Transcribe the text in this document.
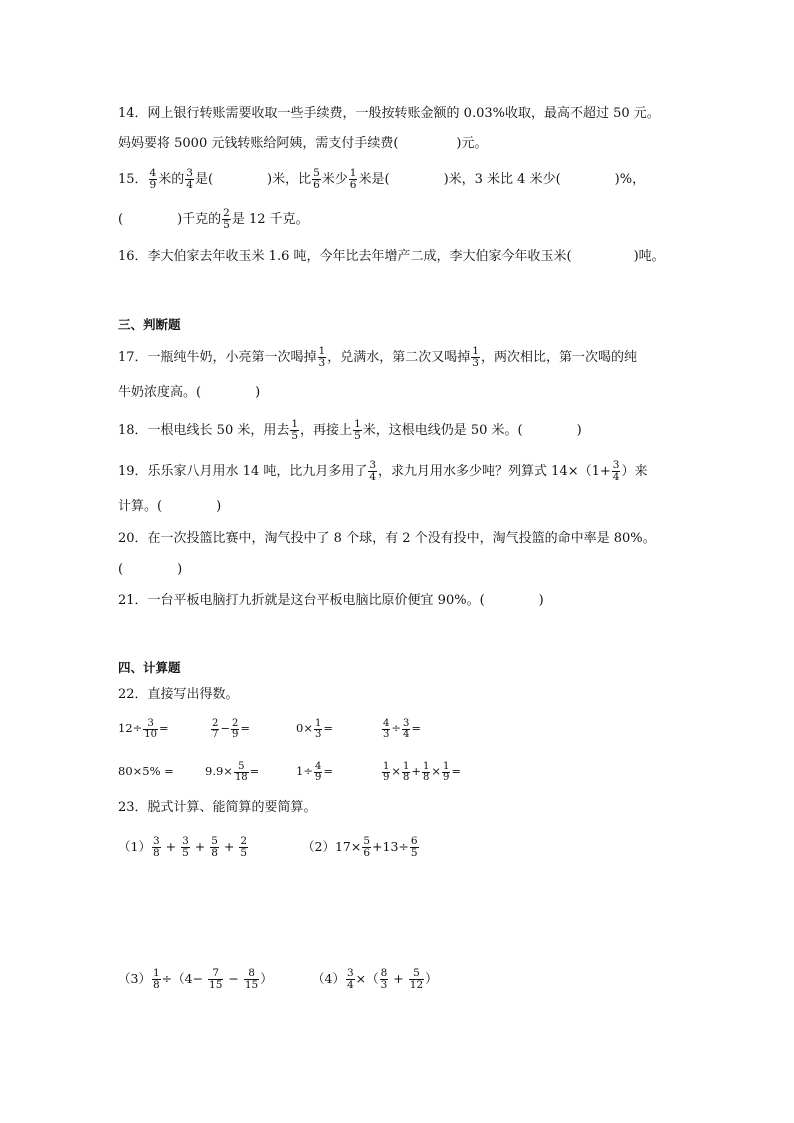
14．网上银行转账需要收取一些手续费，一般按转账金额的 0.03%收取，最高不超过 50 元。
妈妈要将 5000 元钱转账给阿姨，需支付手续费(	)元。
15． $\frac{4}{9}$ 米的 $\frac{3}{4}$ 是(	)米，比 $\frac{5}{6}$ 米少 $\frac{1}{6}$ 米是(	)米，3 米比 4 米少(	)%，
(	)千克的 $\frac{2}{5}$ 是 12 千克。
16．李大伯家去年收玉米 1.6 吨，今年比去年增产二成，李大伯家今年收玉米(	)吨。
三、判断题
17．一瓶纯牛奶，小亮第一次喝掉 $\frac{1}{3}$ ，兑满水，第二次又喝掉 $\frac{1}{3}$ ，两次相比，第一次喝的纯
牛奶浓度高。(	)
18．一根电线长 50 米，用去 $\frac{1}{5}$ ，再接上 $\frac{1}{5}$ 米，这根电线仍是 50 米。(	)
19．乐乐家八月用水 14 吨，比九月多用了 $\frac{3}{4}$ ，求九月用水多少吨？列算式 $14\times(1+ \frac{3}{4}$ ）来
计算。(	)
20．在一次投篮比赛中，淘气投中了 8 个球，有 2 个没有投中，淘气投篮的命中率是 80%。
(	)
21．一台平板电脑打九折就是这台平板电脑比原价便宜 90%。(	)
四、计算题
22．直接写出得数。
$12\div \frac{3}{10}$ =	$\frac{2}{7} - \frac{2}{9}$ =	$0\times \frac{1}{3}$ =	$\frac{4}{3} \div \frac{3}{4}$ =
80×5% =	$9.9\times \frac{5}{18}$ =	$1\div \frac{4}{9}$ =	$\frac{1}{9} \times \frac{1}{8} + \frac{1}{8} \times \frac{1}{9}$ =
23．脱式计算、能简算的要简算。
$(1) \frac{3}{8} + \frac{3}{5} + \frac{5}{8} + \frac{2}{5}$	$(2)17\times \frac{5}{6} +13\div \frac{6}{5}$
$(3) \frac{1}{8} \div(4- \frac{7}{15} - \frac{8}{15}$ ）	$(4) \frac{3}{4}$ ×（ $\frac{8}{3} + \frac{5}{12}$ ）
